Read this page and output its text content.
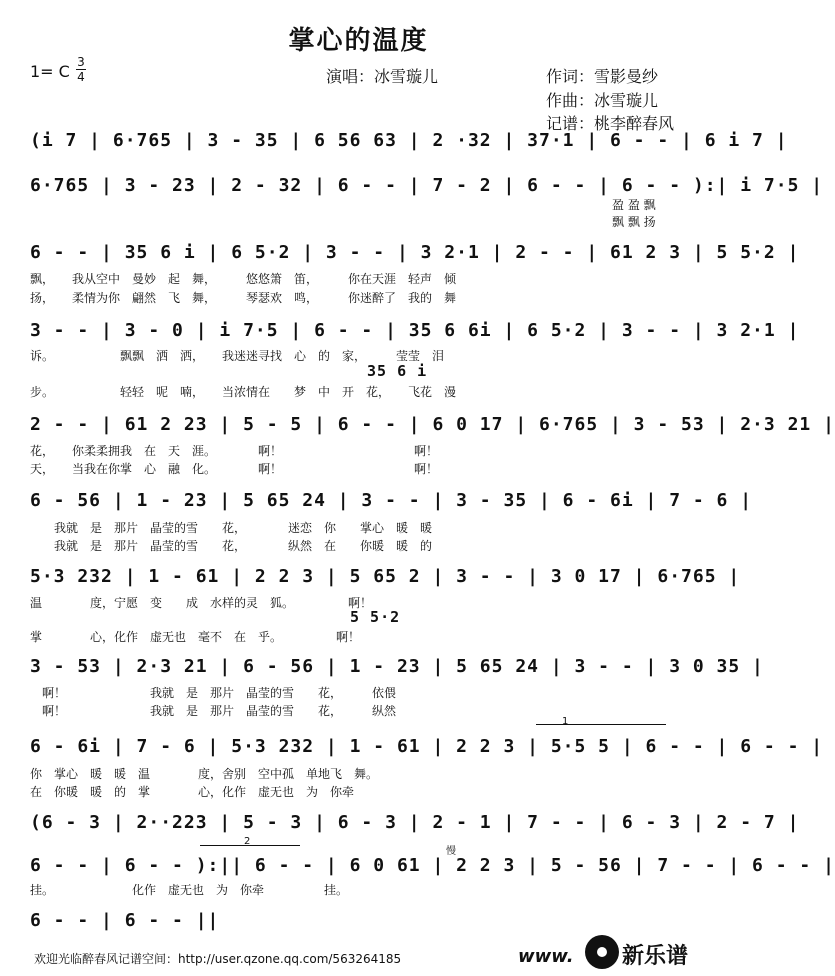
掌心的温度
1= C 3
4	演唱：冰雪璇儿	作词：雪影曼纱
作曲：冰雪璇儿
记谱：桃李醉春风
(i 7 | 6·765 | 3 - 35 | 6 56 63 | 2 ·32 | 37·1 | 6 - - | 6 i 7 |
6·765 | 3 - 23 | 2 - 32 | 6 - - | 7 - 2 | 6 - - | 6 - - ):| i 7·5 |
盈 盈 飘
飘 飘 扬
6 - - | 35 6 i | 6 5·2 | 3 - - | 3 2·1 | 2 - - | 61 2 3 | 5 5·2 |
飘，　　我从空中　曼妙　起　舞，　　　悠悠箫　笛，　　　你在天涯　轻声　倾
扬，　　柔情为你　翩然　飞　舞，　　　琴瑟欢　鸣，　　　你迷醉了　我的　舞
3 - - | 3 - 0 | i 7·5 | 6 - - | 35 6 6i | 6 5·2 | 3 - - | 3 2·1 |
诉。　　　　　　飘飘　洒　洒，　　我迷迷寻找　心　的　家，　　　莹莹　泪
35 6 i
步。　　　　　　轻轻　呢　喃，　　当浓情在　　梦　中　开　花，　　飞花　漫
2 - - | 61 2 23 | 5 - 5 | 6 - - | 6 0 17 | 6·765 | 3 - 53 | 2·3 21 |
花，　　你柔柔拥我　在　天　涯。　　　　啊！　　　　　　　　　　　啊！
天，　　当我在你掌　心　融　化。　　　　啊！　　　　　　　　　　　啊！
6 - 56 | 1 - 23 | 5 65 24 | 3 - - | 3 - 35 | 6 - 6i | 7 - 6 |
　　我就　是　那片　晶莹的雪　　花，　　　　迷恋　你　　掌心　暖　暖
　　我就　是　那片　晶莹的雪　　花，　　　　纵然　在　　你暖　暖　的
5·3 232 | 1 - 61 | 2 2 3 | 5 65 2 | 3 - - | 3 0 17 | 6·765 |
温　　　　度，宁愿　变　　成　水样的灵　狐。　　　　　啊！
5 5·2
掌　　　　心，化作　虚无也　毫不　在　乎。　　　　　啊！
3 - 53 | 2·3 21 | 6 - 56 | 1 - 23 | 5 65 24 | 3 - - | 3 0 35 |
　啊！　　　　　　　我就　是　那片　晶莹的雪　　花，　　　依偎
　啊！　　　　　　　我就　是　那片　晶莹的雪　　花，　　　纵然
6 - 6i | 7 - 6 | 5·3 232 | 1 - 61 | 2 2 3 | 5·5 5 | 6 - - | 6 - - |
你　掌心　暖　暖　温　　　　度，舍别　空中孤　单地飞　舞。
在　你暖　暖　的　掌　　　　心，化作　虚无也　为　你牵
(6 - 3 | 2··223 | 5 - 3 | 6 - 3 | 2 - 1 | 7 - - | 6 - 3 | 2 - 7 |
6 - - | 6 - - ):|| 6 - - | 6 0 61 | 2 2 3 | 5 - 56 | 7 - - | 6 - - |
挂。　　　　　　　化作　虚无也　为　你牵　　　　　挂。
6 - - | 6 - - ||
1
2
慢
欢迎光临醉春风记谱空间：http://user.qzone.qq.com/563264185	www. 新乐谱
